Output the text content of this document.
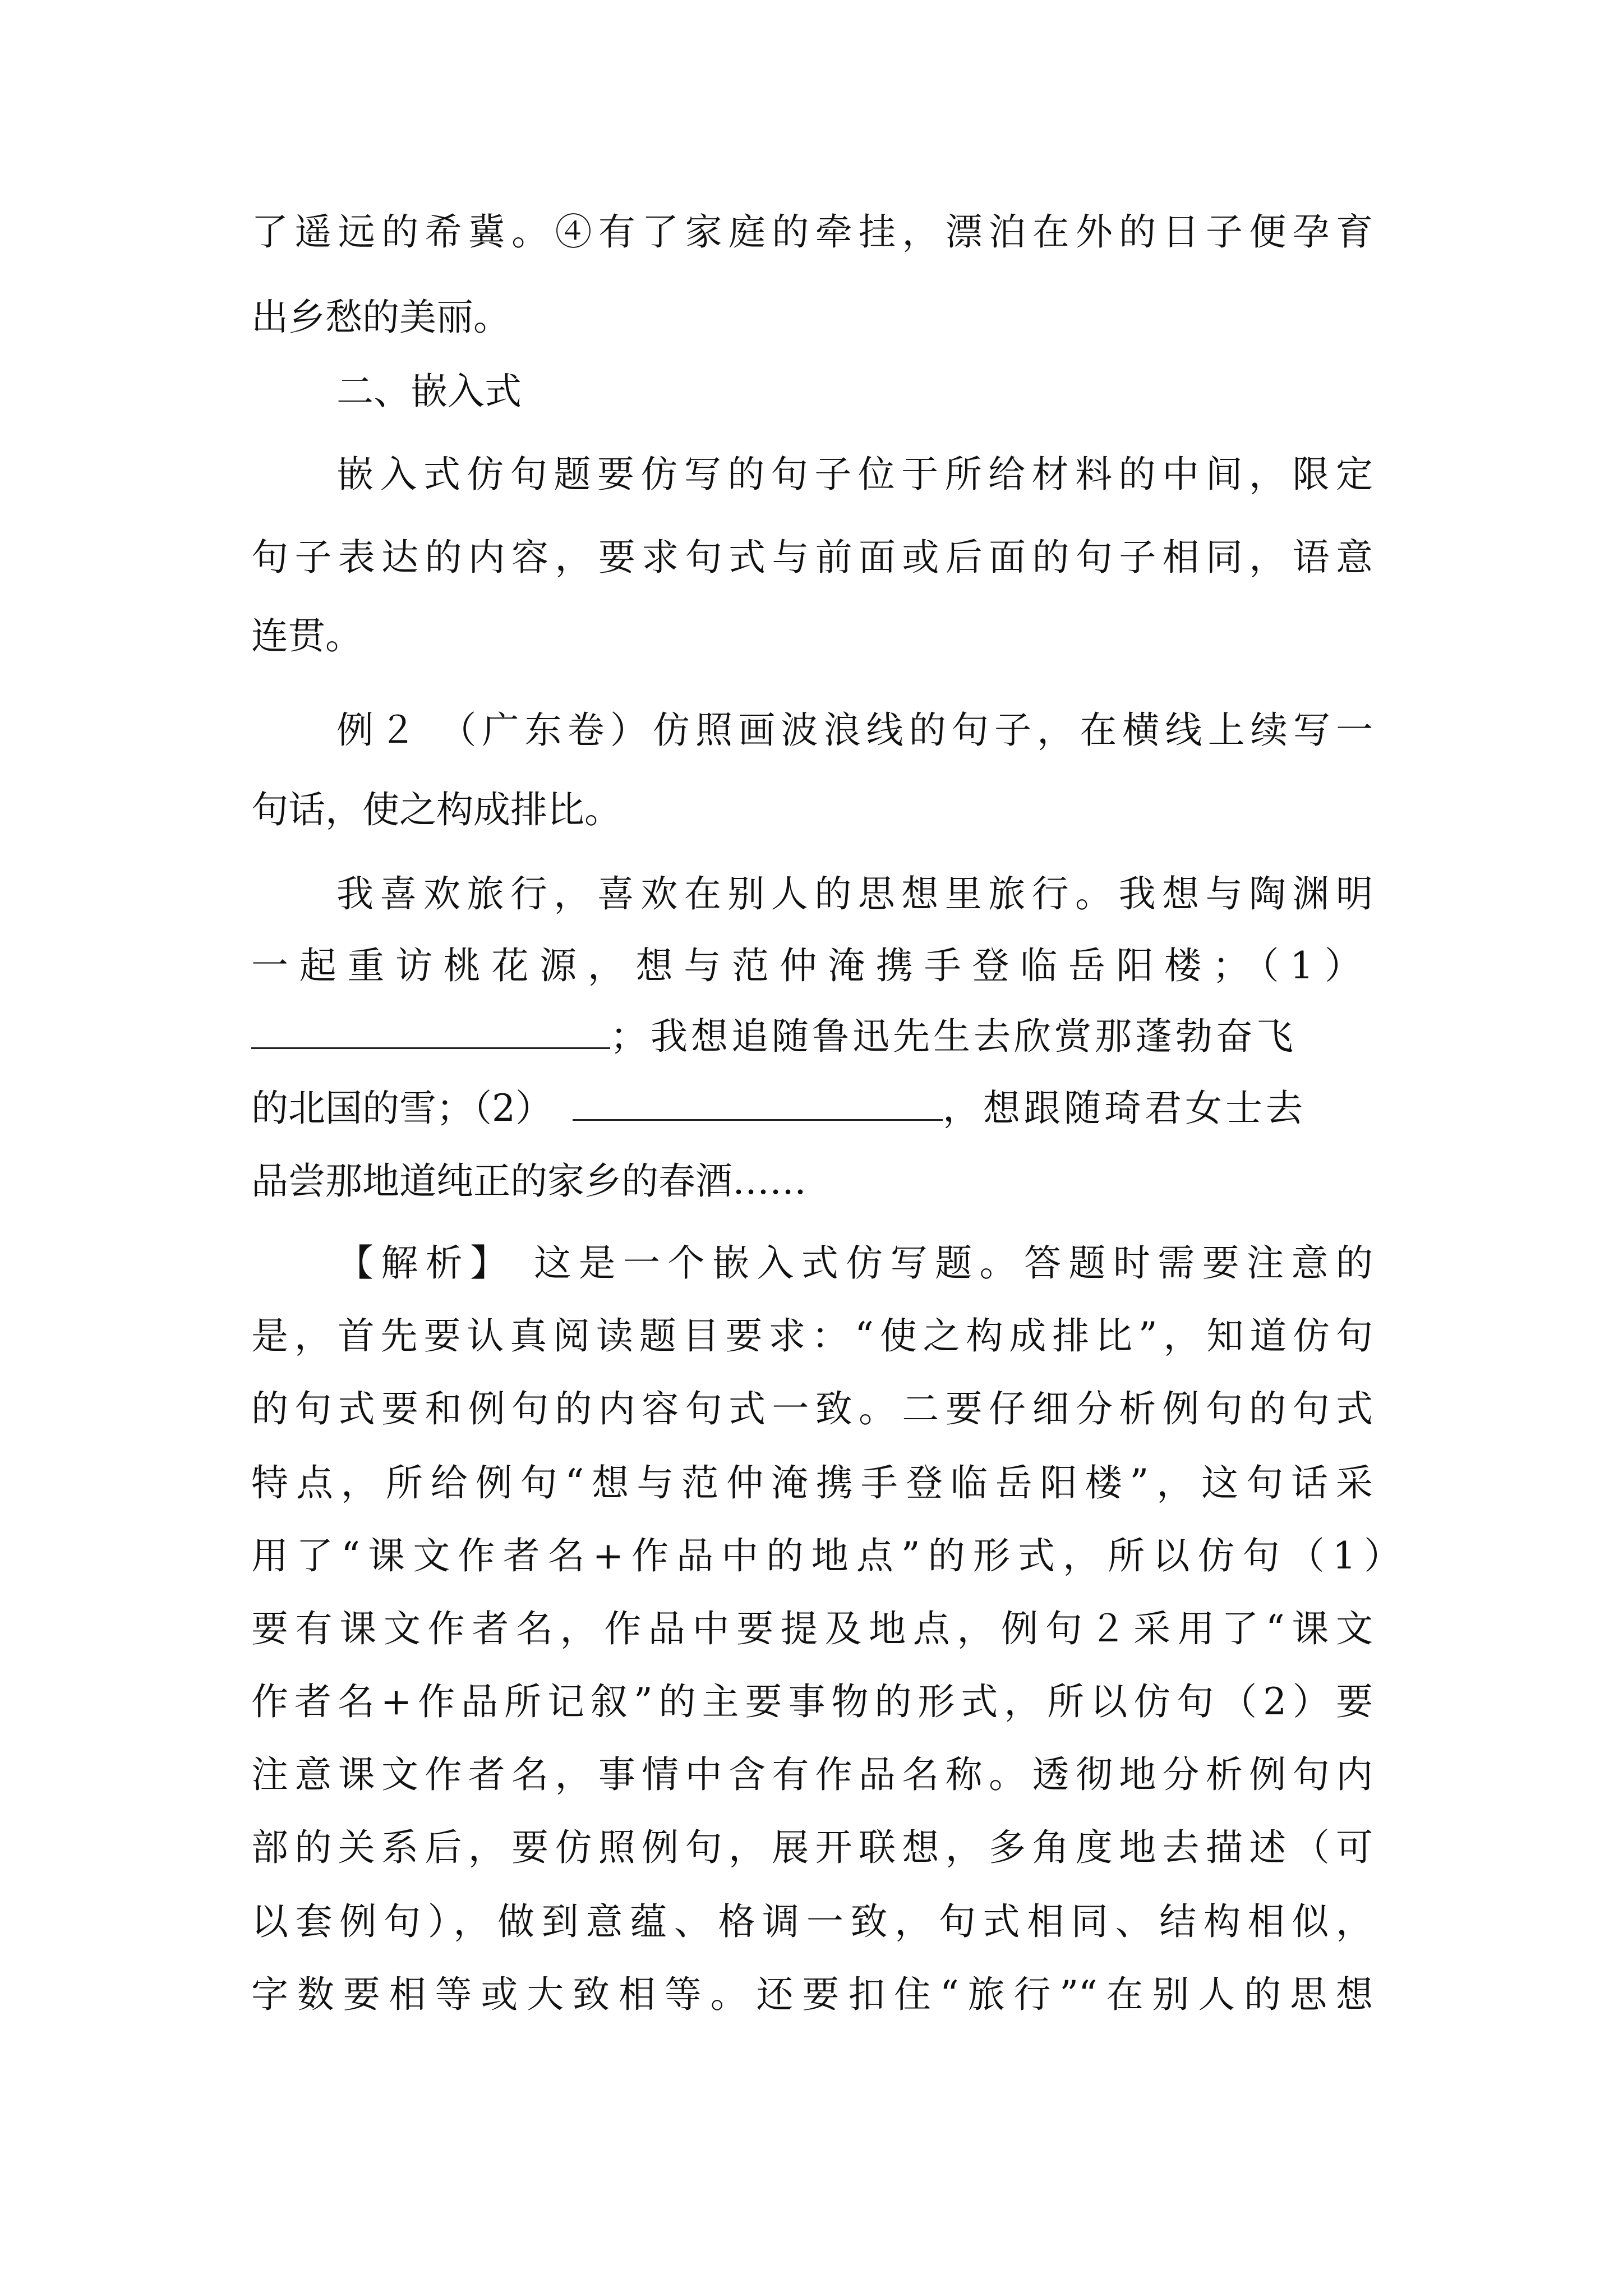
了遥远的希冀。④有了家庭的牵挂，漂泊在外的日子便孕育
出乡愁的美丽。
二、嵌入式
嵌入式仿句题要仿写的句子位于所给材料的中间，限定
句子表达的内容，要求句式与前面或后面的句子相同，语意
连贯。
例２ （广东卷）仿照画波浪线的句子，在横线上续写一
句话，使之构成排比。
我喜欢旅行，喜欢在别人的思想里旅行。我想与陶渊明
一起重访桃花源，想与范仲淹携手登临岳阳楼；（1）
；我想追随鲁迅先生去欣赏那蓬勃奋飞
的北国的雪；（2）	，想跟随琦君女士去
品尝那地道纯正的家乡的春酒……
【解析】 这是一个嵌入式仿写题。答题时需要注意的
是，首先要认真阅读题目要求：“使之构成排比”，知道仿句
的句式要和例句的内容句式一致。二要仔细分析例句的句式
特点，所给例句“想与范仲淹携手登临岳阳楼”，这句话采
用了“课文作者名+作品中的地点”的形式，所以仿句（1）
要有课文作者名，作品中要提及地点，例句２采用了“课文
作者名+作品所记叙”的主要事物的形式，所以仿句（2）要
注意课文作者名，事情中含有作品名称。透彻地分析例句内
部的关系后，要仿照例句，展开联想，多角度地去描述（可
以套例句），做到意蕴、格调一致，句式相同、结构相似，
字数要相等或大致相等。还要扣住“旅行”“在别人的思想
